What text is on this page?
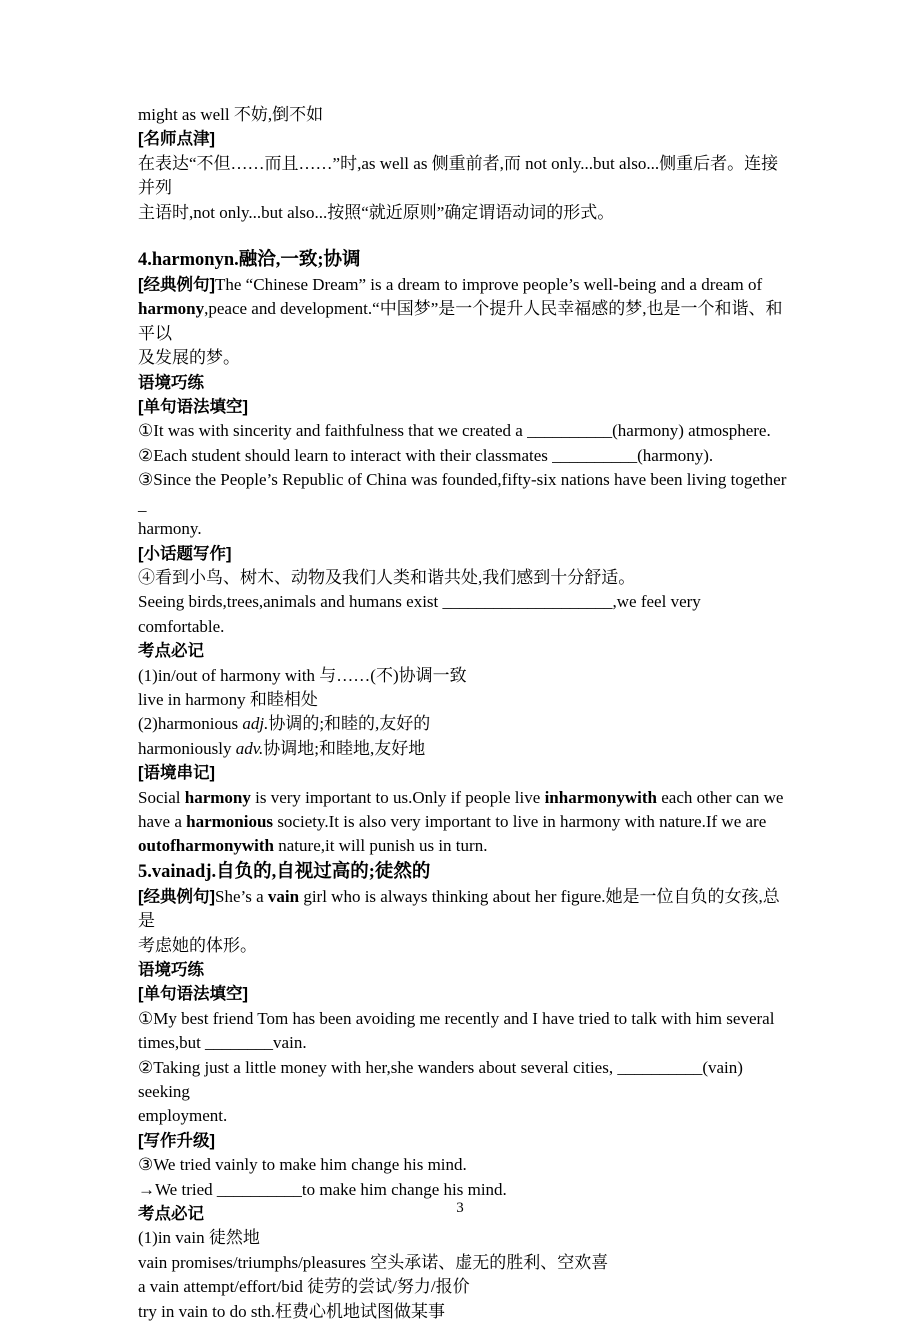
might as well 不妨,倒不如
[名师点津]
在表达“不但……而且……”时,as well as 侧重前者,而 not only...but also...侧重后者。连接并列
主语时,not only...but also...按照“就近原则”确定谓语动词的形式。
4.harmonyn.融洽,一致;协调
[经典例句]The “Chinese Dream” is a dream to improve people’s well-being and a dream of
harmony,peace and development.“中国梦”是一个提升人民幸福感的梦,也是一个和谐、和平以
及发展的梦。
语境巧练
[单句语法填空]
①It was with sincerity and faithfulness that we created a __________(harmony) atmosphere.
②Each student should learn to interact with their classmates __________(harmony).
③Since the People’s Republic of China was founded,fifty-six nations have been living together _
harmony.
[小话题写作]
④看到小鸟、树木、动物及我们人类和谐共处,我们感到十分舒适。
Seeing birds,trees,animals and humans exist ____________________,we feel very comfortable.
考点必记
(1)in/out of harmony with 与……(不)协调一致
live in harmony 和睦相处
(2)harmonious adj.协调的;和睦的,友好的
harmoniously adv.协调地;和睦地,友好地
[语境串记]
Social harmony is very important to us.Only if people live inharmonywith each other can we
have a harmonious society.It is also very important to live in harmony with nature.If we are
outofharmonywith nature,it will punish us in turn.
5.vainadj.自负的,自视过高的;徒然的
[经典例句]She’s a vain girl who is always thinking about her figure.她是一位自负的女孩,总是
考虑她的体形。
语境巧练
[单句语法填空]
①My best friend Tom has been avoiding me recently and I have tried to talk with him several
times,but ________vain.
②Taking just a little money with her,she wanders about several cities, __________(vain) seeking
employment.
[写作升级]
③We tried vainly to make him change his mind.
→We tried __________to make him change his mind.
考点必记
(1)in vain 徒然地
vain promises/triumphs/pleasures 空头承诺、虚无的胜利、空欢喜
a vain attempt/effort/bid 徒劳的尝试/努力/报价
try in vain to do sth.枉费心机地试图做某事
3
